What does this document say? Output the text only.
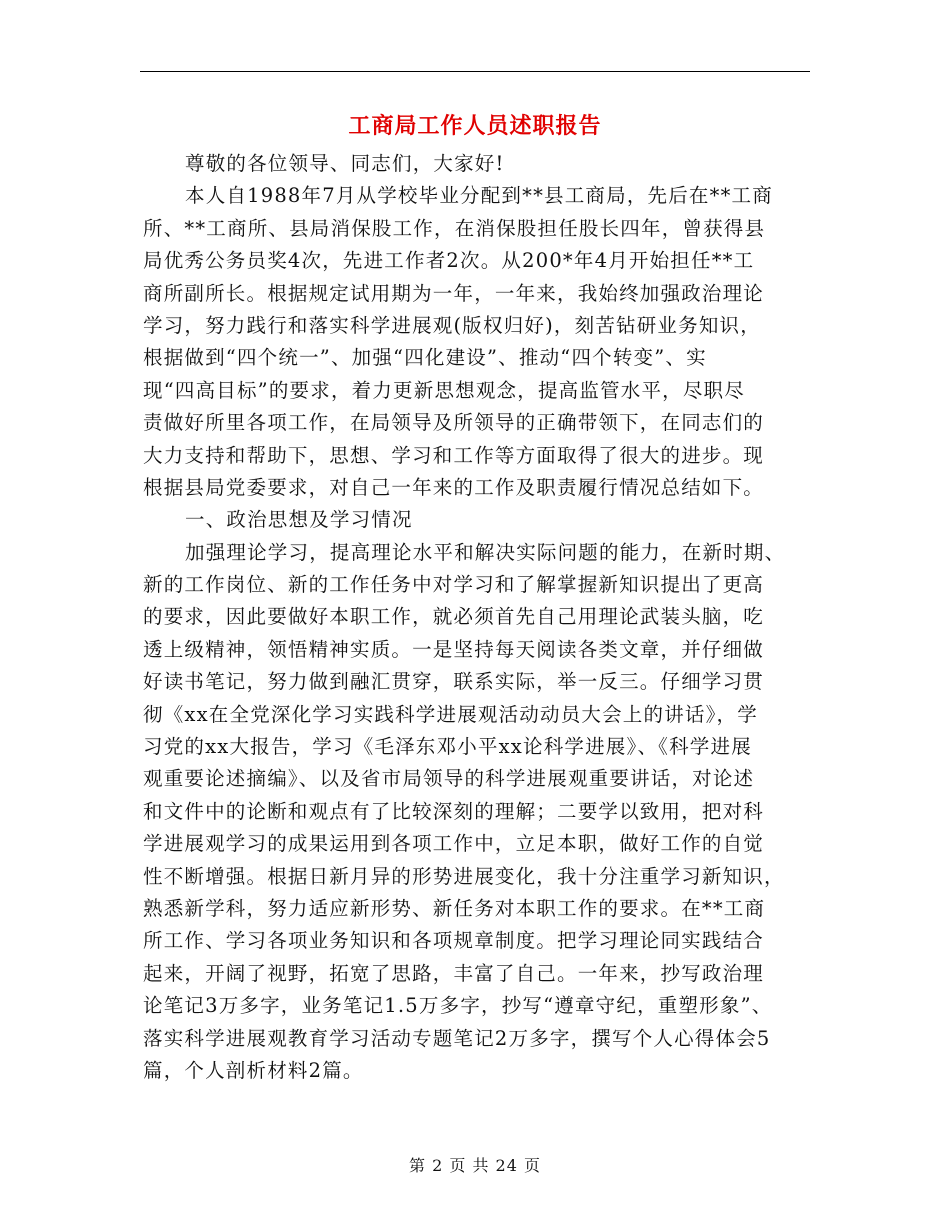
工商局工作人员述职报告
尊敬的各位领导、同志们，大家好!
本人自1988年7月从学校毕业分配到**县工商局，先后在**工商
所、**工商所、县局消保股工作，在消保股担任股长四年，曾获得县
局优秀公务员奖4次，先进工作者2次。从200*年4月开始担任**工
商所副所长。根据规定试用期为一年，一年来，我始终加强政治理论
学习，努力践行和落实科学进展观(版权归好)，刻苦钻研业务知识，
根据做到“四个统一”、加强“四化建设”、推动“四个转变”、实
现“四高目标”的要求，着力更新思想观念，提高监管水平，尽职尽
责做好所里各项工作，在局领导及所领导的正确带领下，在同志们的
大力支持和帮助下，思想、学习和工作等方面取得了很大的进步。现
根据县局党委要求，对自己一年来的工作及职责履行情况总结如下。
一、政治思想及学习情况
加强理论学习，提高理论水平和解决实际问题的能力，在新时期、
新的工作岗位、新的工作任务中对学习和了解掌握新知识提出了更高
的要求，因此要做好本职工作，就必须首先自己用理论武装头脑，吃
透上级精神，领悟精神实质。一是坚持每天阅读各类文章，并仔细做
好读书笔记，努力做到融汇贯穿，联系实际，举一反三。仔细学习贯
彻《xx在全党深化学习实践科学进展观活动动员大会上的讲话》，学
习党的xx大报告，学习《毛泽东邓小平xx论科学进展》、《科学进展
观重要论述摘编》、以及省市局领导的科学进展观重要讲话，对论述
和文件中的论断和观点有了比较深刻的理解；二要学以致用，把对科
学进展观学习的成果运用到各项工作中，立足本职，做好工作的自觉
性不断增强。根据日新月异的形势进展变化，我十分注重学习新知识，
熟悉新学科，努力适应新形势、新任务对本职工作的要求。在**工商
所工作、学习各项业务知识和各项规章制度。把学习理论同实践结合
起来，开阔了视野，拓宽了思路，丰富了自己。一年来，抄写政治理
论笔记3万多字，业务笔记1.5万多字，抄写“遵章守纪，重塑形象”、
落实科学进展观教育学习活动专题笔记2万多字，撰写个人心得体会5
篇，个人剖析材料2篇。
第 2 页 共 24 页
